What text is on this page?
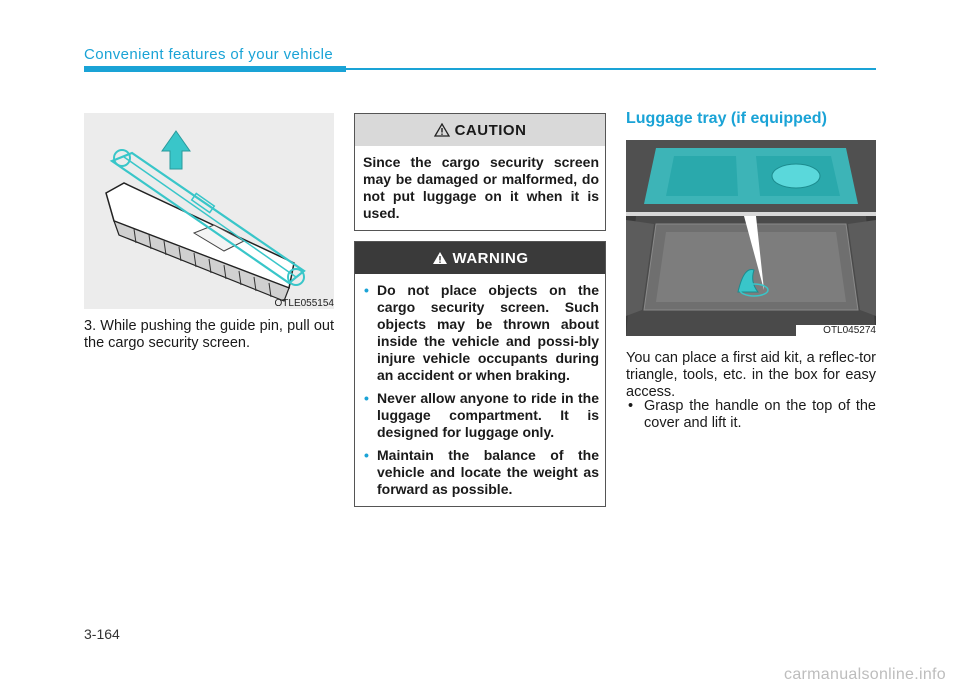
Convenient features of your vehicle
OTLE055154
3. While pushing the guide pin, pull out the cargo security screen.
CAUTION

Since the cargo security screen may be damaged or malformed, do not put luggage on it when it is used.

WARNING
• Do not place objects on the cargo security screen. Such objects may be thrown about inside the vehicle and possi-bly injure vehicle occupants during an accident or when braking.
• Never allow anyone to ride in the luggage compartment. It is designed for luggage only.
• Maintain the balance of the vehicle and locate the weight as forward as possible.
Luggage tray (if equipped)
OTL045274
You can place a first aid kit, a reflec-tor triangle, tools, etc. in the box for easy access.
• Grasp the handle on the top of the cover and lift it.
3-164
carmanualsonline.info
